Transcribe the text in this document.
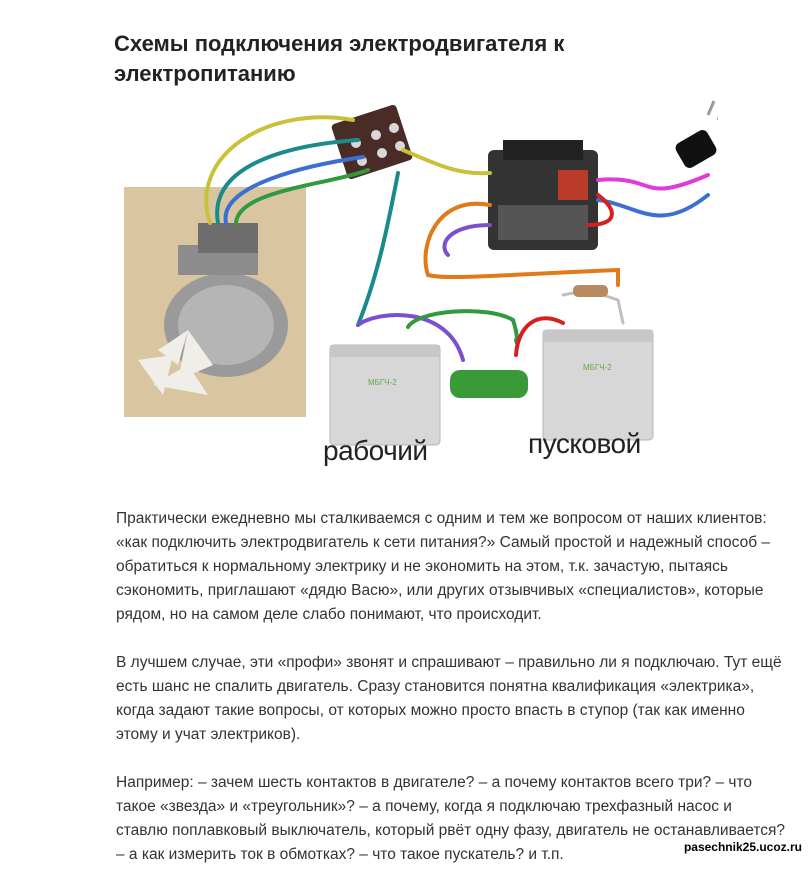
Схемы подключения электродвигателя к электропитанию
МБГЧ-2
МБГЧ-2
рабочий	пусковой

Практически ежедневно мы сталкиваемся с одним и тем же вопросом от наших клиентов: «как подключить электродвигатель к сети питания?» Самый простой и надежный способ – обратиться к нормальному электрику и не экономить на этом, т.к. зачастую, пытаясь сэкономить, приглашают «дядю Васю», или других отзывчивых «специалистов», которые рядом, но на самом деле слабо понимают, что происходит.

В лучшем случае, эти «профи» звонят и спрашивают – правильно ли я подключаю. Тут ещё есть шанс не спалить двигатель. Сразу становится понятна квалификация «электрика», когда задают такие вопросы, от которых можно просто впасть в ступор (так как именно этому и учат электриков).

Например: – зачем шесть контактов в двигателе? – а почему контактов всего три? – что такое «звезда» и «треугольник»? – а почему, когда я подключаю трехфазный насос и ставлю поплавковый выключатель, который рвёт одну фазу, двигатель не останавливается? – а как измерить ток в обмотках? – что такое пускатель? и т.п.	pasechnik25.ucoz.ru
